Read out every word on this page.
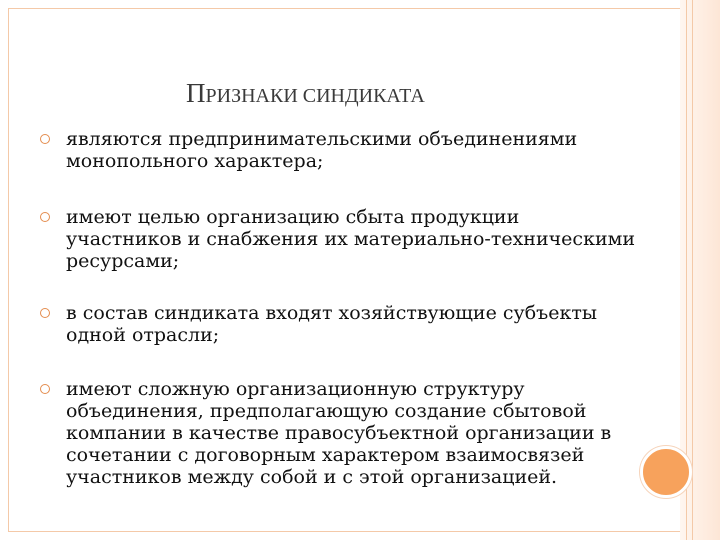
ПРИЗНАКИ СИНДИКАТА
являются предпринимательскими объединениями монопольного характера;
имеют целью организацию сбыта продукции участников и снабжения их материально-техническими ресурсами;
в состав синдиката входят хозяйствующие субъекты одной отрасли;
имеют сложную организационную структуру объединения, предполагающую создание сбытовой компании в качестве правосубъектной организации в сочетании с договорным характером взаимосвязей участников между собой и с этой организацией.
